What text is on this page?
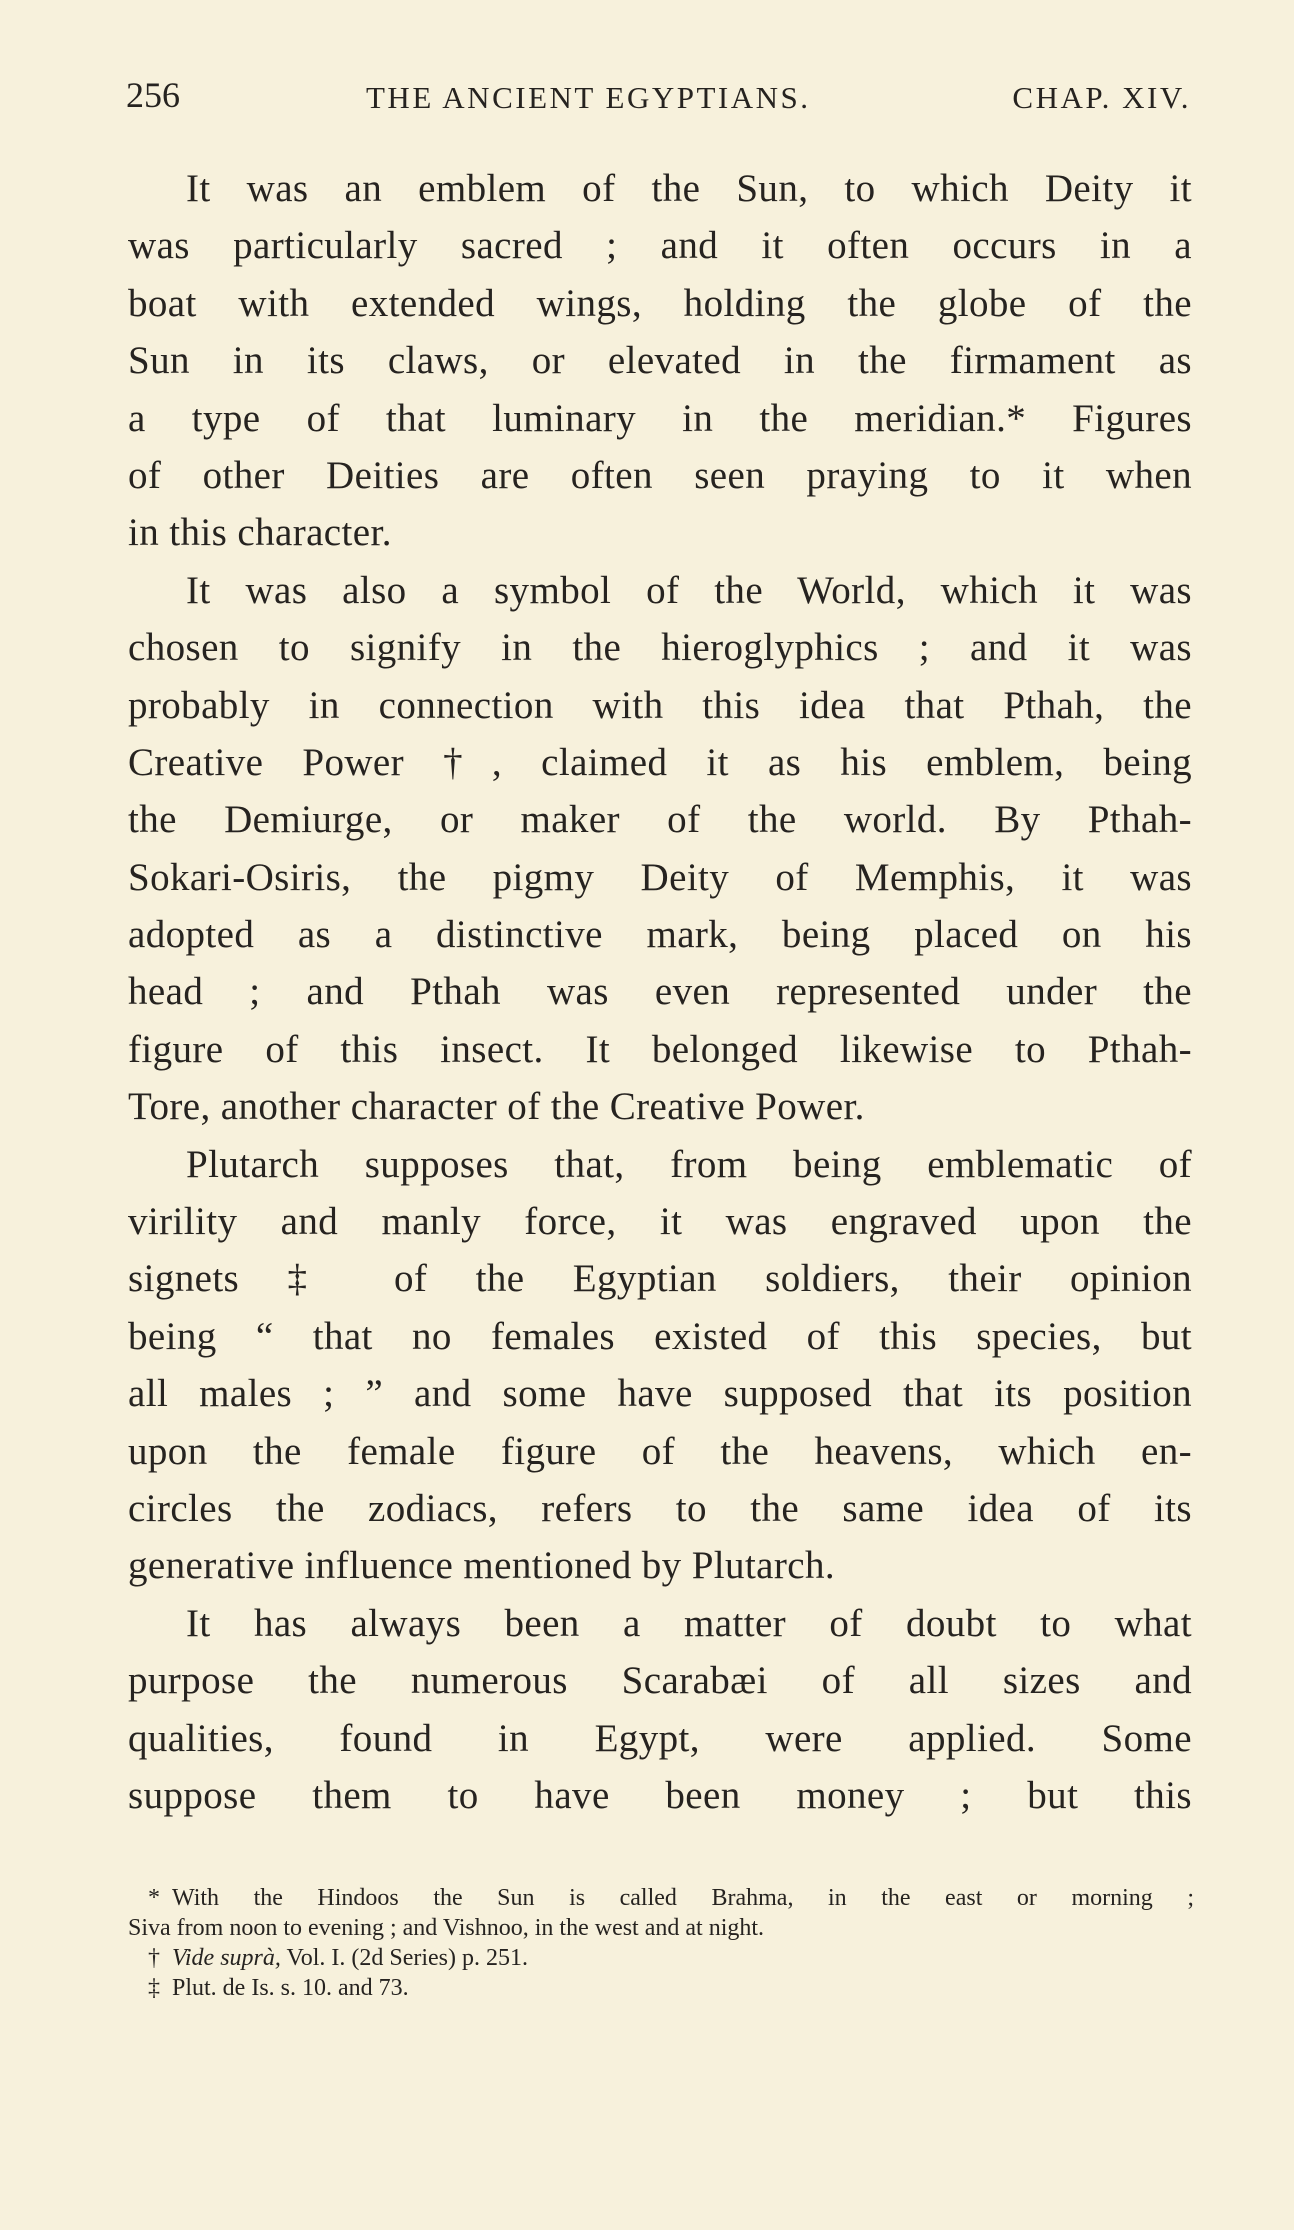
256	THE ANCIENT EGYPTIANS.	CHAP. XIV.
It was an emblem of the Sun, to which Deity it
was particularly sacred ; and it often occurs in a
boat with extended wings, holding the globe of the
Sun in its claws, or elevated in the firmament as
a type of that luminary in the meridian.* Figures
of other Deities are often seen praying to it when
in this character.
It was also a symbol of the World, which it was
chosen to signify in the hieroglyphics ; and it was
probably in connection with this idea that Pthah, the
Creative Power †, claimed it as his emblem, being
the Demiurge, or maker of the world. By Pthah-
Sokari-Osiris, the pigmy Deity of Memphis, it was
adopted as a distinctive mark, being placed on his
head ; and Pthah was even represented under the
figure of this insect. It belonged likewise to Pthah-
Tore, another character of the Creative Power.
Plutarch supposes that, from being emblematic of
virility and manly force, it was engraved upon the
signets ‡ of the Egyptian soldiers, their opinion
being “ that no females existed of this species, but
all males ; ” and some have supposed that its position
upon the female figure of the heavens, which en-
circles the zodiacs, refers to the same idea of its
generative influence mentioned by Plutarch.
It has always been a matter of doubt to what
purpose the numerous Scarabæi of all sizes and
qualities, found in Egypt, were applied. Some
suppose them to have been money ; but this
* With the Hindoos the Sun is called Brahma, in the east or morning ;
Siva from noon to evening ; and Vishnoo, in the west and at night.
† Vide suprà, Vol. I. (2d Series) p. 251.
‡ Plut. de Is. s. 10. and 73.
